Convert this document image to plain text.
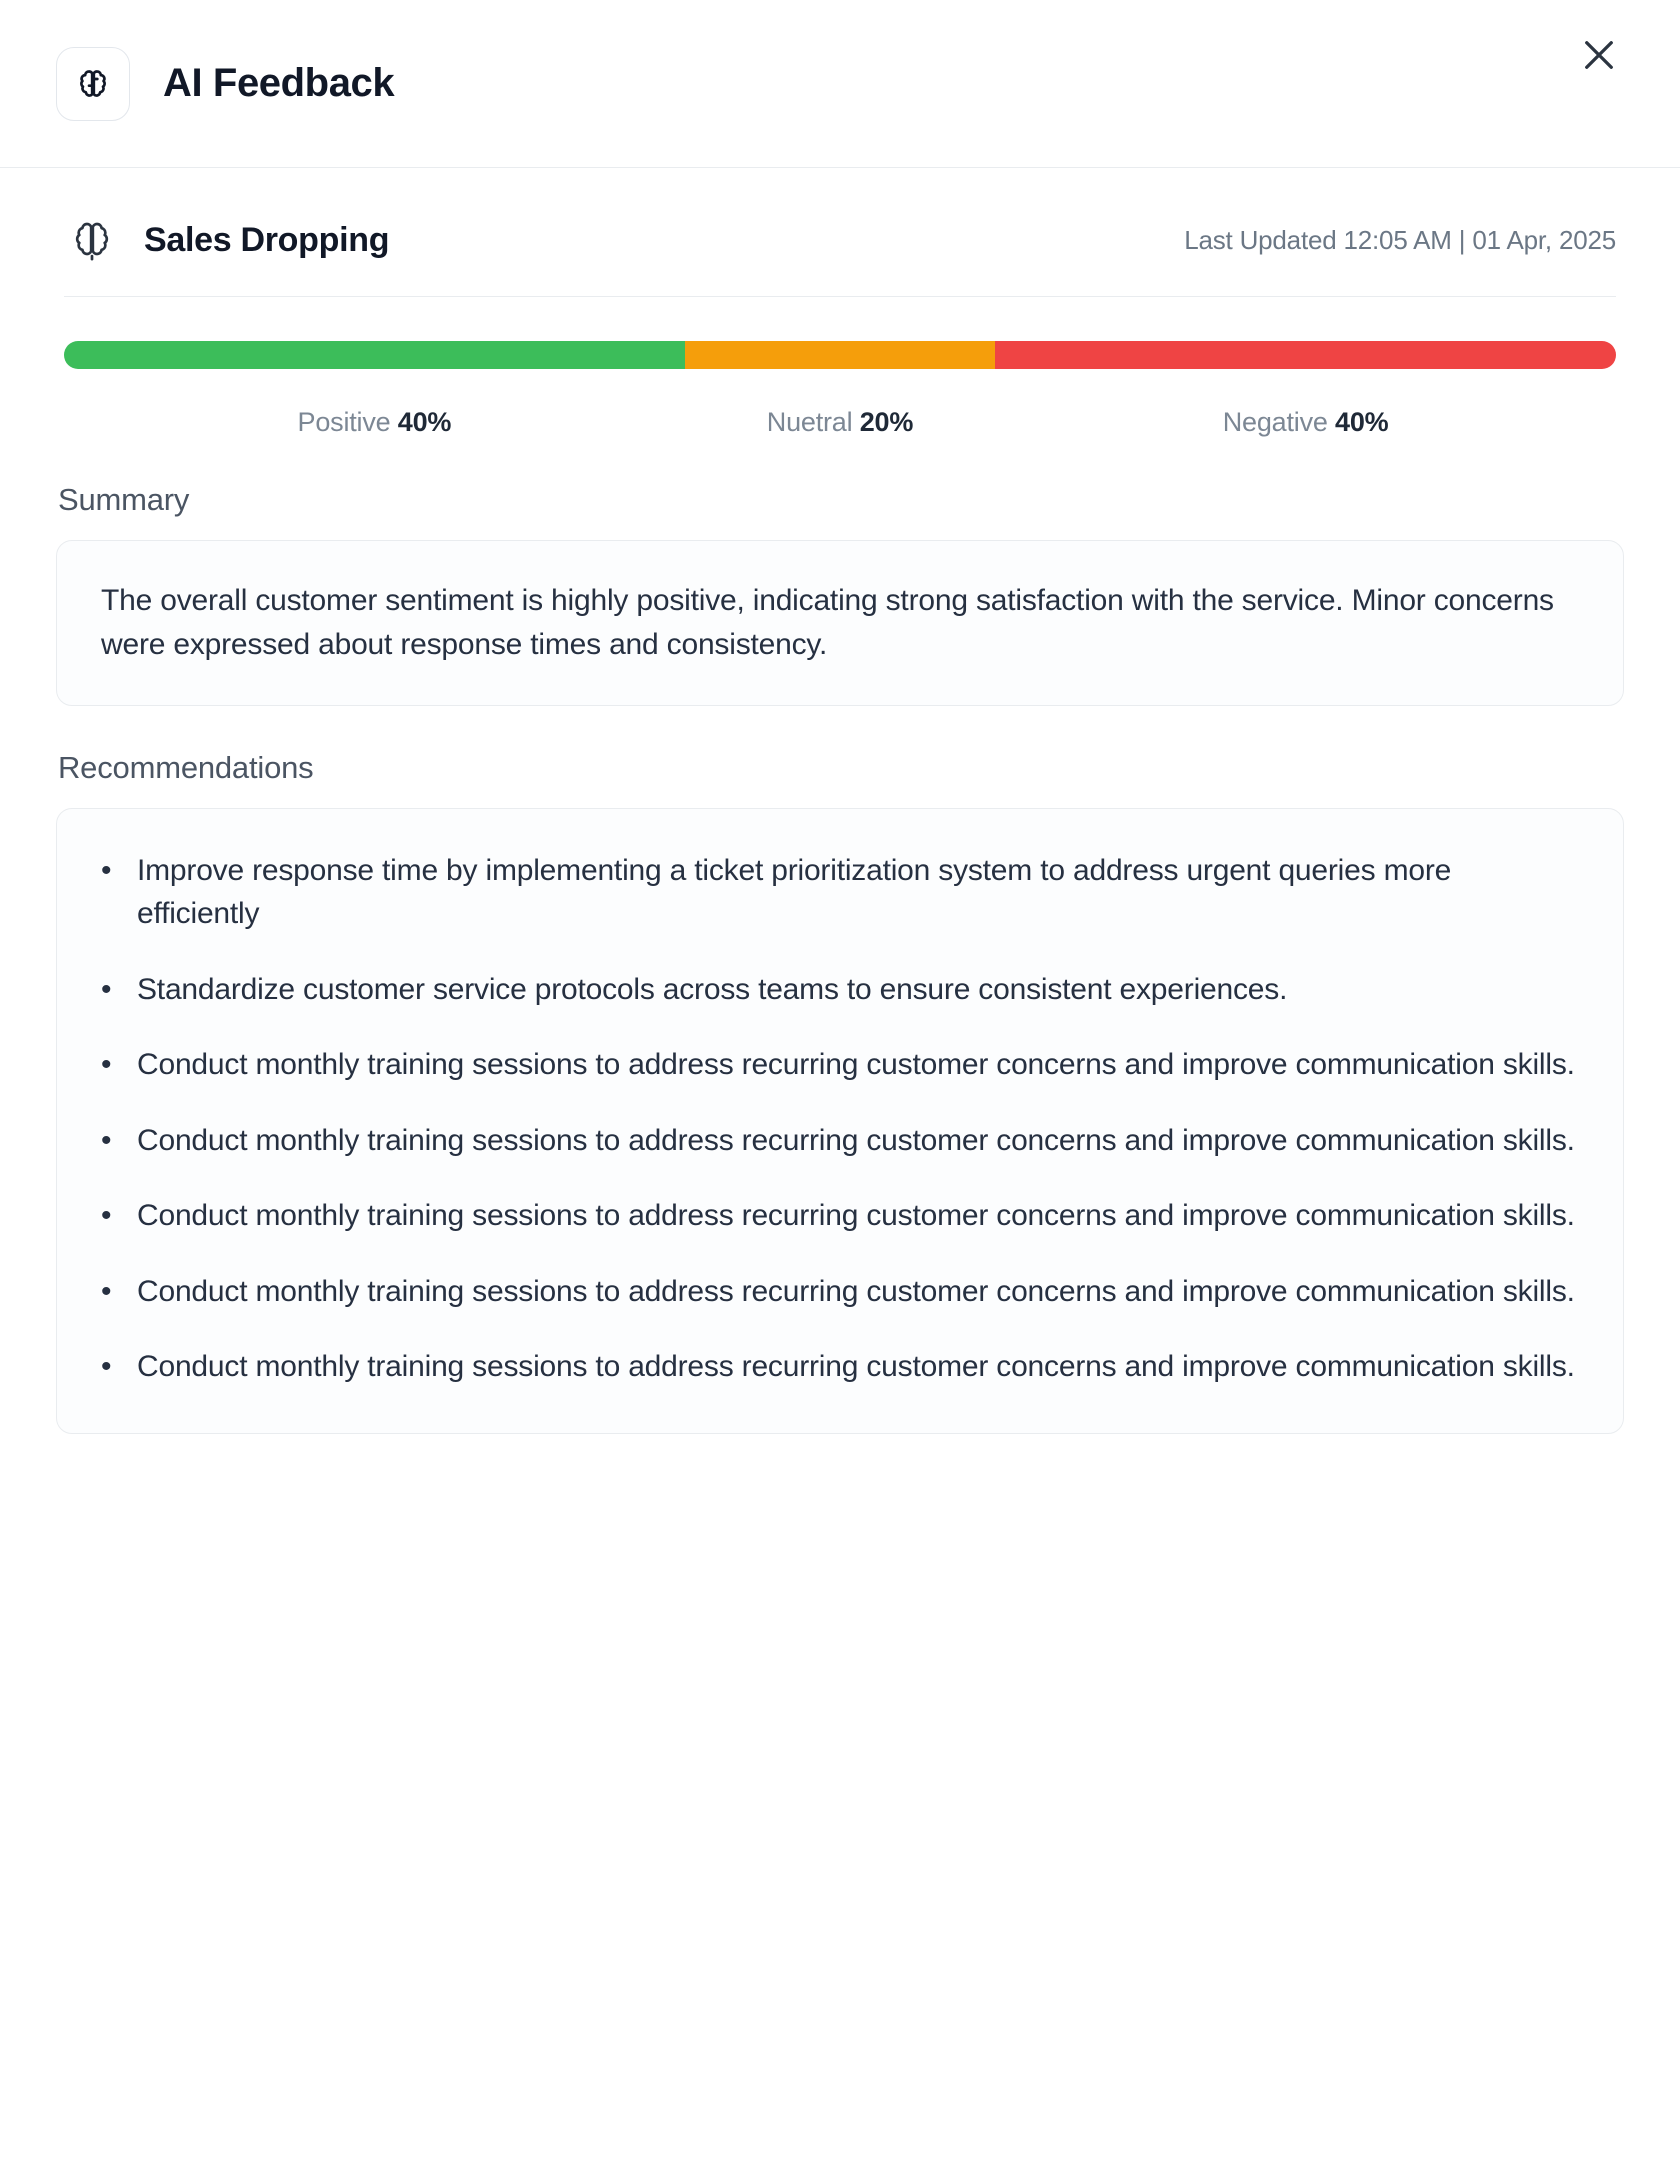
AI Feedback
Sales Dropping	Last Updated 12:05 AM | 01 Apr, 2025
Positive 40%	Nuetral 20%	Negative 40%
Summary
The overall customer sentiment is highly positive, indicating strong satisfaction with the service. Minor concerns were expressed about response times and consistency.
Recommendations
• Improve response time by implementing a ticket prioritization system to address urgent queries more efficiently
• Standardize customer service protocols across teams to ensure consistent experiences.
• Conduct monthly training sessions to address recurring customer concerns and improve communication skills.
• Conduct monthly training sessions to address recurring customer concerns and improve communication skills.
• Conduct monthly training sessions to address recurring customer concerns and improve communication skills.
• Conduct monthly training sessions to address recurring customer concerns and improve communication skills.
• Conduct monthly training sessions to address recurring customer concerns and improve communication skills.
